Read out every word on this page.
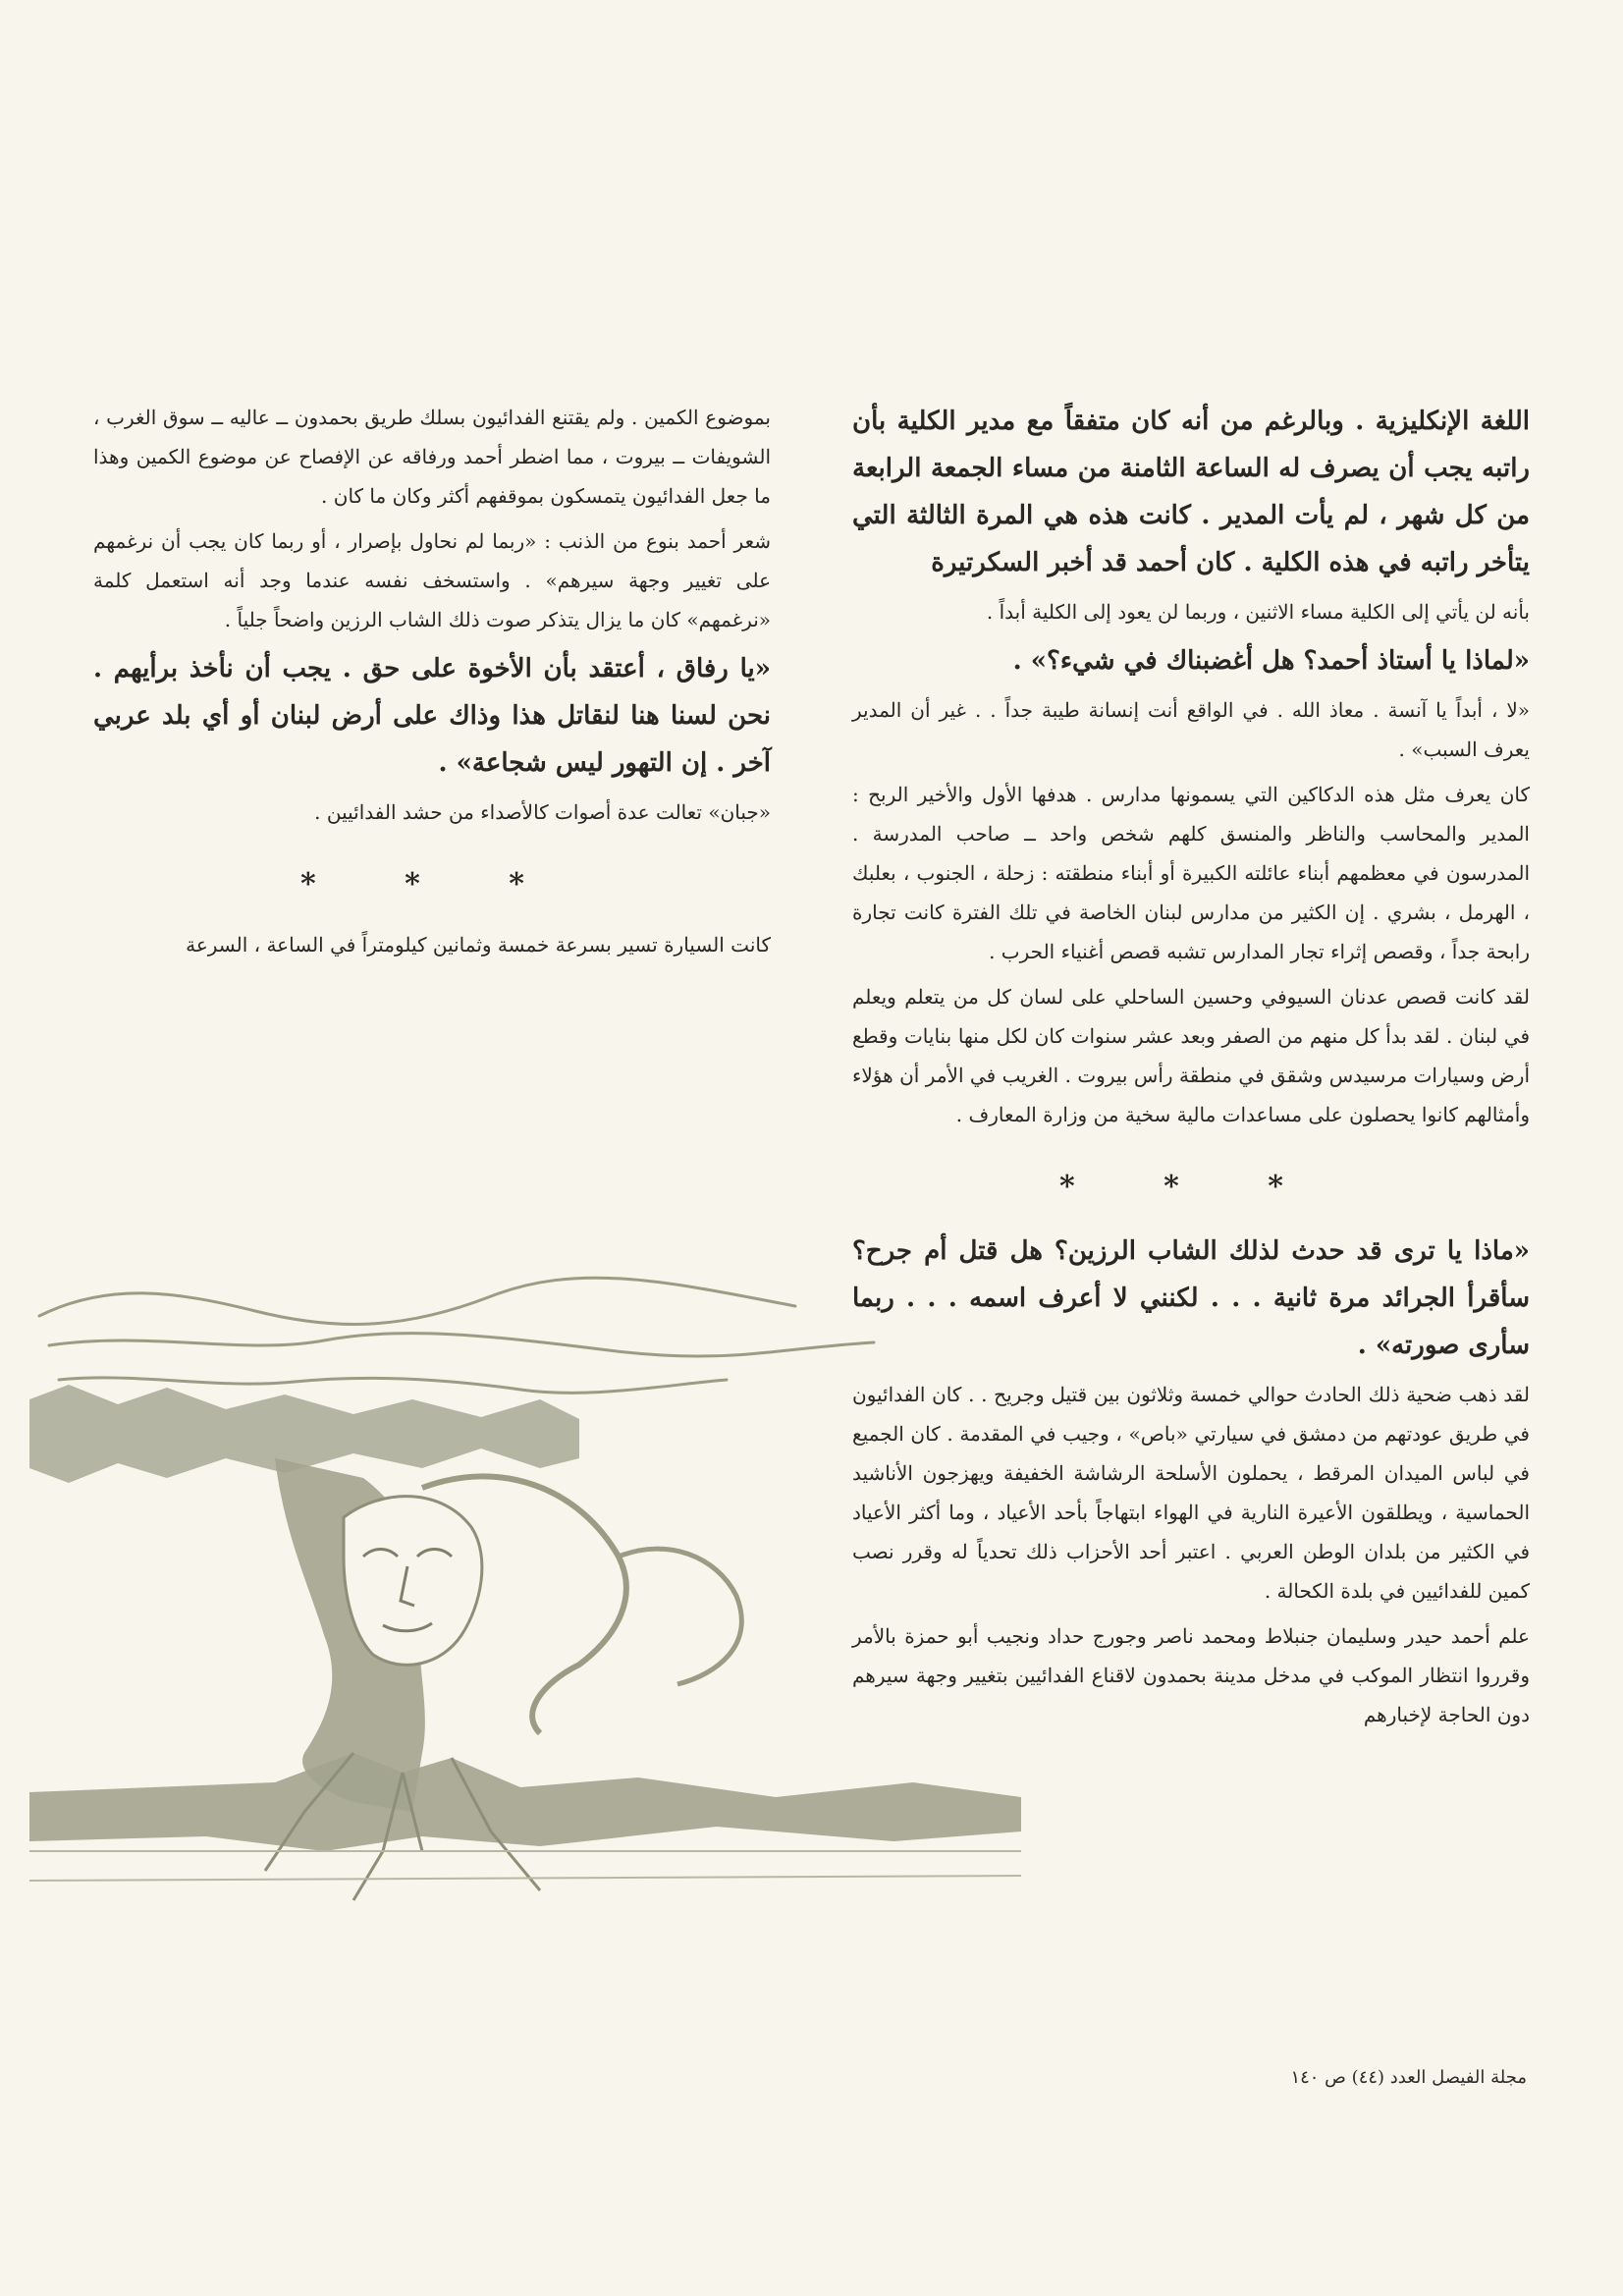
اللغة الإنكليزية . وبالرغم من أنه كان متفقاً مع مدير الكلية بأن راتبه يجب أن يصرف له الساعة الثامنة من مساء الجمعة الرابعة من كل شهر ، لم يأت المدير . كانت هذه هي المرة الثالثة التي يتأخر راتبه في هذه الكلية . كان أحمد قد أخبر السكرتيرة

بأنه لن يأتي إلى الكلية مساء الاثنين ، وربما لن يعود إلى الكلية أبداً .

«لماذا يا أستاذ أحمد؟ هل أغضبناك في شيء؟» .

«لا ، أبداً يا آنسة . معاذ الله . في الواقع أنت إنسانة طيبة جداً . . غير أن المدير يعرف السبب» .

كان يعرف مثل هذه الدكاكين التي يسمونها مدارس . هدفها الأول والأخير الربح : المدير والمحاسب والناظر والمنسق كلهم شخص واحد ــ صاحب المدرسة . المدرسون في معظمهم أبناء عائلته الكبيرة أو أبناء منطقته : زحلة ، الجنوب ، بعلبك ، الهرمل ، بشري . إن الكثير من مدارس لبنان الخاصة في تلك الفترة كانت تجارة رابحة جداً ، وقصص إثراء تجار المدارس تشبه قصص أغنياء الحرب .

لقد كانت قصص عدنان السيوفي وحسين الساحلي على لسان كل من يتعلم ويعلم في لبنان . لقد بدأ كل منهم من الصفر وبعد عشر سنوات كان لكل منها بنايات وقطع أرض وسيارات مرسيدس وشقق في منطقة رأس بيروت . الغريب في الأمر أن هؤلاء وأمثالهم كانوا يحصلون على مساعدات مالية سخية من وزارة المعارف .

* * *

«ماذا يا ترى قد حدث لذلك الشاب الرزين؟ هل قتل أم جرح؟ سأقرأ الجرائد مرة ثانية . . . لكنني لا أعرف اسمه . . . ربما سأرى صورته» .

لقد ذهب ضحية ذلك الحادث حوالي خمسة وثلاثون بين قتيل وجريح . . كان الفدائيون في طريق عودتهم من دمشق في سيارتي «باص» ، وجيب في المقدمة . كان الجميع في لباس الميدان المرقط ، يحملون الأسلحة الرشاشة الخفيفة ويهزجون الأناشيد الحماسية ، ويطلقون الأعيرة النارية في الهواء ابتهاجاً بأحد الأعياد ، وما أكثر الأعياد في الكثير من بلدان الوطن العربي . اعتبر أحد الأحزاب ذلك تحدياً له وقرر نصب كمين للفدائيين في بلدة الكحالة .

علم أحمد حيدر وسليمان جنبلاط ومحمد ناصر وجورج حداد ونجيب أبو حمزة بالأمر وقرروا انتظار الموكب في مدخل مدينة بحمدون لاقناع الفدائيين بتغيير وجهة سيرهم دون الحاجة لإخبارهم

بموضوع الكمين . ولم يقتنع الفدائيون بسلك طريق بحمدون ــ عاليه ــ سوق الغرب ، الشويفات ــ بيروت ، مما اضطر أحمد ورفاقه عن الإفصاح عن موضوع الكمين وهذا ما جعل الفدائيون يتمسكون بموقفهم أكثر وكان ما كان .

شعر أحمد بنوع من الذنب : «ربما لم نحاول بإصرار ، أو ربما كان يجب أن نرغمهم على تغيير وجهة سيرهم» . واستسخف نفسه عندما وجد أنه استعمل كلمة «نرغمهم» كان ما يزال يتذكر صوت ذلك الشاب الرزين واضحاً جلياً .

«يا رفاق ، أعتقد بأن الأخوة على حق . يجب أن نأخذ برأيهم . نحن لسنا هنا لنقاتل هذا وذاك على أرض لبنان أو أي بلد عربي آخر . إن التهور ليس شجاعة» .

«جبان» تعالت عدة أصوات كالأصداء من حشد الفدائيين .

* * *

كانت السيارة تسير بسرعة خمسة وثمانين كيلومتراً في الساعة ، السرعة

مجلة الفيصل العدد (٤٤) ص ١٤٠
